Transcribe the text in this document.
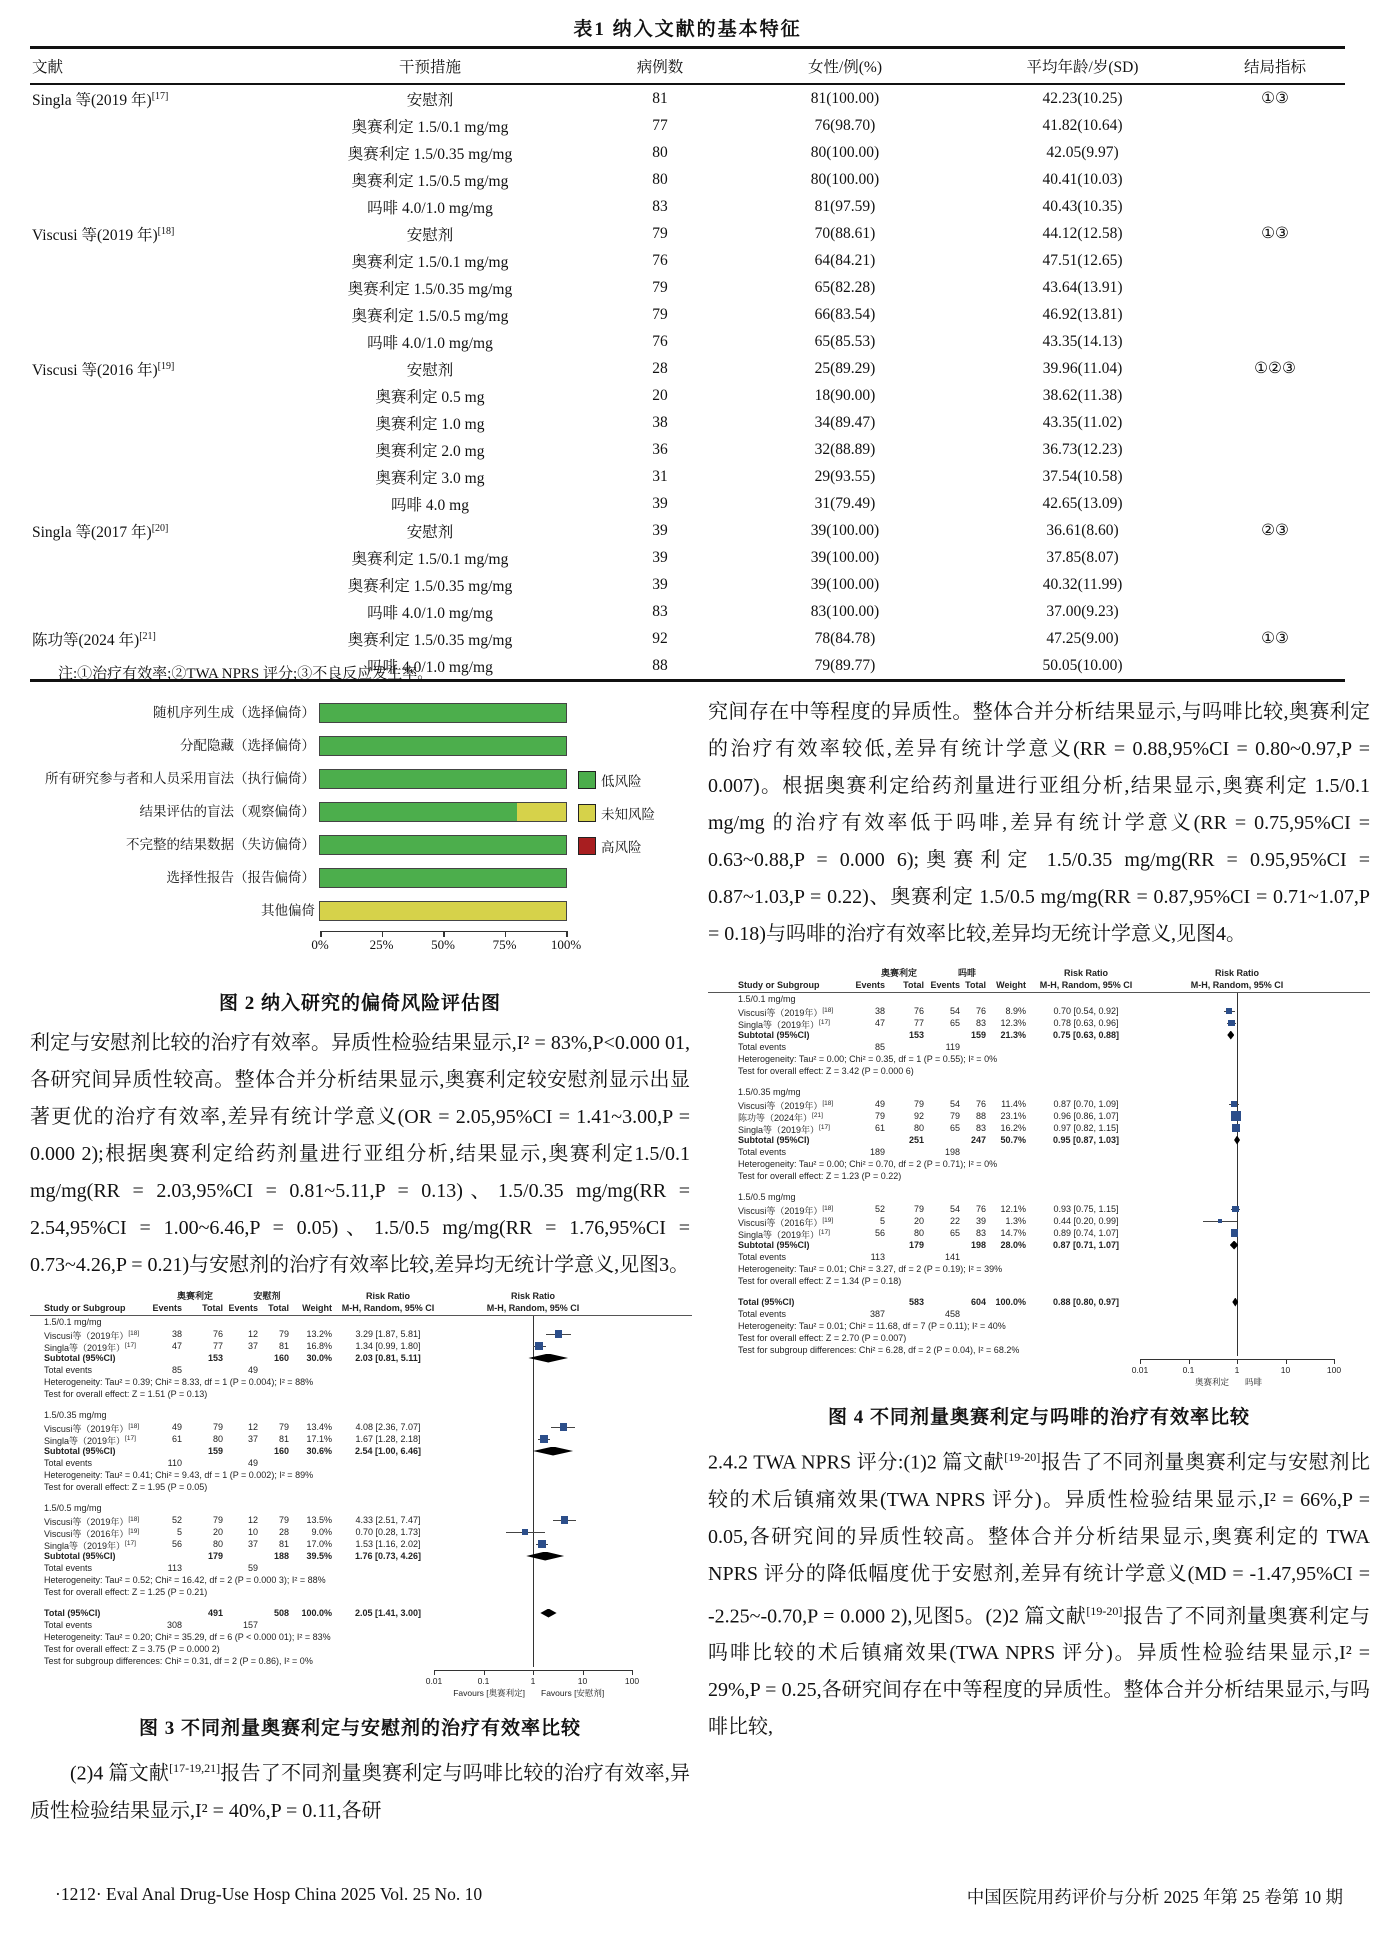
表1 纳入文献的基本特征
文献	干预措施	病例数	女性/例(%)	平均年龄/岁(SD)	结局指标
Singla 等(2019 年)[17]	安慰剂	81	81(100.00)	42.23(10.25)	①③
	奥赛利定 1.5/0.1 mg/mg	77	76(98.70)	41.82(10.64)	
	奥赛利定 1.5/0.35 mg/mg	80	80(100.00)	42.05(9.97)	
	奥赛利定 1.5/0.5 mg/mg	80	80(100.00)	40.41(10.03)	
	吗啡 4.0/1.0 mg/mg	83	81(97.59)	40.43(10.35)	
Viscusi 等(2019 年)[18]	安慰剂	79	70(88.61)	44.12(12.58)	①③
	奥赛利定 1.5/0.1 mg/mg	76	64(84.21)	47.51(12.65)	
	奥赛利定 1.5/0.35 mg/mg	79	65(82.28)	43.64(13.91)	
	奥赛利定 1.5/0.5 mg/mg	79	66(83.54)	46.92(13.81)	
	吗啡 4.0/1.0 mg/mg	76	65(85.53)	43.35(14.13)	
Viscusi 等(2016 年)[19]	安慰剂	28	25(89.29)	39.96(11.04)	①②③
	奥赛利定 0.5 mg	20	18(90.00)	38.62(11.38)	
	奥赛利定 1.0 mg	38	34(89.47)	43.35(11.02)	
	奥赛利定 2.0 mg	36	32(88.89)	36.73(12.23)	
	奥赛利定 3.0 mg	31	29(93.55)	37.54(10.58)	
	吗啡 4.0 mg	39	31(79.49)	42.65(13.09)	
Singla 等(2017 年)[20]	安慰剂	39	39(100.00)	36.61(8.60)	②③
	奥赛利定 1.5/0.1 mg/mg	39	39(100.00)	37.85(8.07)	
	奥赛利定 1.5/0.35 mg/mg	39	39(100.00)	40.32(11.99)	
	吗啡 4.0/1.0 mg/mg	83	83(100.00)	37.00(9.23)	
陈功等(2024 年)[21]	奥赛利定 1.5/0.35 mg/mg	92	78(84.78)	47.25(9.00)	①③
	吗啡 4.0/1.0 mg/mg	88	79(89.77)	50.05(10.00)	
注:①治疗有效率;②TWA NPRS 评分;③不良反应发生率。
随机序列生成（选择偏倚）
分配隐藏（选择偏倚）
所有研究参与者和人员采用盲法（执行偏倚）
结果评估的盲法（观察偏倚）
不完整的结果数据（失访偏倚）
选择性报告（报告偏倚）
其他偏倚
低风险
未知风险
高风险
0%	25%	50%	75%	100%
图 2 纳入研究的偏倚风险评估图

利定与安慰剂比较的治疗有效率。异质性检验结果显示,I² = 83%,P<0.000 01,各研究间异质性较高。整体合并分析结果显示,奥赛利定较安慰剂显示出显著更优的治疗有效率,差异有统计学意义(OR = 2.05,95%CI = 1.41~3.00,P = 0.000 2);根据奥赛利定给药剂量进行亚组分析,结果显示,奥赛利定1.5/0.1 mg/mg(RR = 2.03,95%CI = 0.81~5.11,P = 0.13)、1.5/0.35 mg/mg(RR = 2.54,95%CI = 1.00~6.46,P = 0.05)、1.5/0.5 mg/mg(RR = 1.76,95%CI = 0.73~4.26,P = 0.21)与安慰剂的治疗有效率比较,差异均无统计学意义,见图3。

奥赛利定	安慰剂	Risk Ratio	Risk Ratio
Study or Subgroup	Events	Total Events	Total	Weight	M-H, Random, 95% CI	M-H, Random, 95% CI
1.5/0.1 mg/mg
Viscusi等（2019年）[18]	38	76	12	79	13.2%	3.29 [1.87, 5.81]
Singla等（2019年）[17]	47	77	37	81	16.8%	1.34 [0.99, 1.80]
Subtotal (95%CI)	153	160	30.0%	2.03 [0.81, 5.11]
Total events	85	49
Heterogeneity: Tau² = 0.39; Chi² = 8.33, df = 1 (P = 0.004); I² = 88%
Test for overall effect: Z = 1.51 (P = 0.13)
1.5/0.35 mg/mg
Viscusi等（2019年）[18]	49	79	12	79	13.4%	4.08 [2.36, 7.07]
Singla等（2019年）[17]	61	80	37	81	17.1%	1.67 [1.28, 2.18]
Subtotal (95%CI)	159	160	30.6%	2.54 [1.00, 6.46]
Total events	110	49
Heterogeneity: Tau² = 0.41; Chi² = 9.43, df = 1 (P = 0.002); I² = 89%
Test for overall effect: Z = 1.95 (P = 0.05)
1.5/0.5 mg/mg
Viscusi等（2019年）[18]	52	79	12	79	13.5%	4.33 [2.51, 7.47]
Viscusi等（2016年）[19]	5	20	10	28	9.0%	0.70 [0.28, 1.73]
Singla等（2019年）[17]	56	80	37	81	17.0%	1.53 [1.16, 2.02]
Subtotal (95%CI)	179	188	39.5%	1.76 [0.73, 4.26]
Total events	113	59
Heterogeneity: Tau² = 0.52; Chi² = 16.42, df = 2 (P = 0.000 3); I² = 88%
Test for overall effect: Z = 1.25 (P = 0.21)
Total (95%CI)	491	508	100.0%	2.05 [1.41, 3.00]
Total events	308	157
Heterogeneity: Tau² = 0.20; Chi² = 35.29, df = 6 (P < 0.000 01); I² = 83%
Test for overall effect: Z = 3.75 (P = 0.000 2)
Test for subgroup differences: Chi² = 0.31, df = 2 (P = 0.86), I² = 0%
0.01	0.1	1	10	100
Favours [奥赛利定] Favours [安慰剂]
图 3 不同剂量奥赛利定与安慰剂的治疗有效率比较

(2)4 篇文献[17-19,21]报告了不同剂量奥赛利定与吗啡比较的治疗有效率,异质性检验结果显示,I² = 40%,P = 0.11,各研

究间存在中等程度的异质性。整体合并分析结果显示,与吗啡比较,奥赛利定的治疗有效率较低,差异有统计学意义(RR = 0.88,95%CI = 0.80~0.97,P = 0.007)。根据奥赛利定给药剂量进行亚组分析,结果显示,奥赛利定 1.5/0.1 mg/mg 的治疗有效率低于吗啡,差异有统计学意义(RR = 0.75,95%CI = 0.63~0.88,P = 0.000 6);奥赛利定 1.5/0.35 mg/mg(RR = 0.95,95%CI = 0.87~1.03,P = 0.22)、奥赛利定 1.5/0.5 mg/mg(RR = 0.87,95%CI = 0.71~1.07,P = 0.18)与吗啡的治疗有效率比较,差异均无统计学意义,见图4。

奥赛利定	吗啡	Risk Ratio	Risk Ratio
Study or Subgroup	Events	Total Events Total	Weight	M-H, Random, 95% CI	M-H, Random, 95% CI
1.5/0.1 mg/mg
Viscusi等（2019年）[18]	38	76	54	76	8.9%	0.70 [0.54, 0.92]
Singla等（2019年）[17]	47	77	65	83	12.3%	0.78 [0.63, 0.96]
Subtotal (95%CI)	153	159	21.3%	0.75 [0.63, 0.88]
Total events	85	119
Heterogeneity: Tau² = 0.00; Chi² = 0.35, df = 1 (P = 0.55); I² = 0%
Test for overall effect: Z = 3.42 (P = 0.000 6)
1.5/0.35 mg/mg
Viscusi等（2019年）[18]	49	79	54	76	11.4%	0.87 [0.70, 1.09]
陈功等（2024年）[21]	79	92	79	88	23.1%	0.96 [0.86, 1.07]
Singla等（2019年）[17]	61	80	65	83	16.2%	0.97 [0.82, 1.15]
Subtotal (95%CI)	251	247	50.7%	0.95 [0.87, 1.03]
Total events	189	198
Heterogeneity: Tau² = 0.00; Chi² = 0.70, df = 2 (P = 0.71); I² = 0%
Test for overall effect: Z = 1.23 (P = 0.22)
1.5/0.5 mg/mg
Viscusi等（2019年）[18]	52	79	54	76	12.1%	0.93 [0.75, 1.15]
Viscusi等（2016年）[19]	5	20	22	39	1.3%	0.44 [0.20, 0.99]
Singla等（2019年）[17]	56	80	65	83	14.7%	0.89 [0.74, 1.07]
Subtotal (95%CI)	179	198	28.0%	0.87 [0.71, 1.07]
Total events	113	141
Heterogeneity: Tau² = 0.01; Chi² = 3.27, df = 2 (P = 0.19); I² = 39%
Test for overall effect: Z = 1.34 (P = 0.18)
Total (95%CI)	583	604	100.0%	0.88 [0.80, 0.97]
Total events	387	458
Heterogeneity: Tau² = 0.01; Chi² = 11.68, df = 7 (P = 0.11); I² = 40%
Test for overall effect: Z = 2.70 (P = 0.007)
Test for subgroup differences: Chi² = 6.28, df = 2 (P = 0.04), I² = 68.2%
0.01	0.1	1	10	100
奥赛利定 吗啡
图 4 不同剂量奥赛利定与吗啡的治疗有效率比较

2.4.2 TWA NPRS 评分:(1)2 篇文献[19-20]报告了不同剂量奥赛利定与安慰剂比较的术后镇痛效果(TWA NPRS 评分)。异质性检验结果显示,I² = 66%,P = 0.05,各研究间的异质性较高。整体合并分析结果显示,奥赛利定的 TWA NPRS 评分的降低幅度优于安慰剂,差异有统计学意义(MD = -1.47,95%CI = -2.25~-0.70,P = 0.000 2),见图5。(2)2 篇文献[19-20]报告了不同剂量奥赛利定与吗啡比较的术后镇痛效果(TWA NPRS 评分)。异质性检验结果显示,I² = 29%,P = 0.25,各研究间存在中等程度的异质性。整体合并分析结果显示,与吗啡比较,

·1212· Eval Anal Drug-Use Hosp China 2025 Vol. 25 No. 10	中国医院用药评价与分析 2025 年第 25 卷第 10 期
